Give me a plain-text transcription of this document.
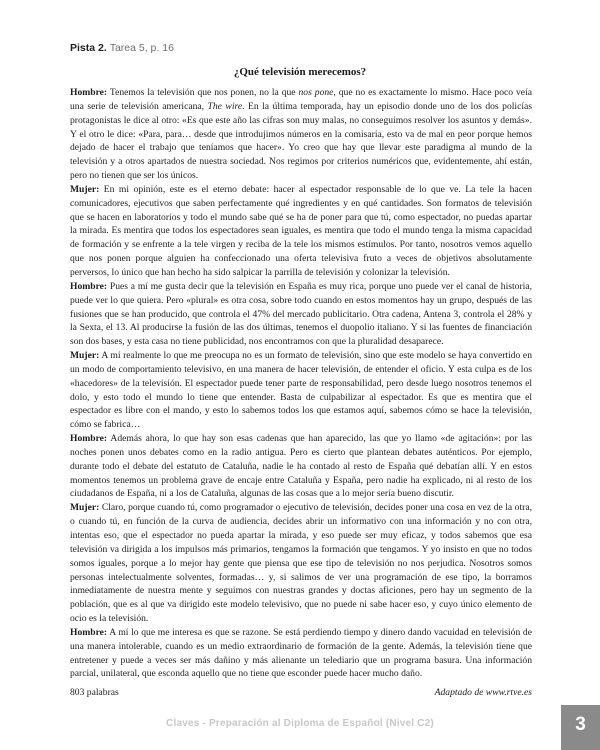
Pista 2. Tarea 5, p. 16
¿Qué televisión merecemos?

Hombre: Tenemos la televisión que nos ponen, no la que nos pone, que no es exactamente lo mismo. Hace poco veía una serie de televisión americana, The wire. En la última temporada, hay un episodio donde uno de los dos policías protagonistas le dice al otro: «Es que este año las cifras son muy malas, no conseguimos resolver los asuntos y demás». Y el otro le dice: «Para, para… desde que introdujimos números en la comisaría, esto va de mal en peor porque hemos dejado de hacer el trabajo que teníamos que hacer». Yo creo que hay que llevar este paradigma al mundo de la televisión y a otros apartados de nuestra sociedad. Nos regimos por criterios numéricos que, evidentemente, ahí están, pero no tienen que ser los únicos.

Mujer: En mi opinión, este es el eterno debate: hacer al espectador responsable de lo que ve. La tele la hacen comunicadores, ejecutivos que saben perfectamente qué ingredientes y en qué cantidades. Son formatos de televisión que se hacen en laboratorios y todo el mundo sabe qué se ha de poner para que tú, como espectador, no puedas apartar la mirada. Es mentira que todos los espectadores sean iguales, es mentira que todo el mundo tenga la misma capacidad de formación y se enfrente a la tele virgen y reciba de la tele los mismos estímulos. Por tanto, nosotros vemos aquello que nos ponen porque alguien ha confeccionado una oferta televisiva fruto a veces de objetivos absolutamente perversos, lo único que han hecho ha sido salpicar la parrilla de televisión y colonizar la televisión.

Hombre: Pues a mí me gusta decir que la televisión en España es muy rica, porque uno puede ver el canal de historia, puede ver lo que quiera. Pero «plural» es otra cosa, sobre todo cuando en estos momentos hay un grupo, después de las fusiones que se han producido, que controla el 47% del mercado publicitario. Otra cadena, Antena 3, controla el 28% y la Sexta, el 13. Al producirse la fusión de las dos últimas, tenemos el duopolio italiano. Y si las fuentes de financiación son dos bases, y esta casa no tiene publicidad, nos encontramos con que la pluralidad desaparece.

Mujer: A mí realmente lo que me preocupa no es un formato de televisión, sino que este modelo se haya convertido en un modo de comportamiento televisivo, en una manera de hacer televisión, de entender el oficio. Y esta culpa es de los «hacedores» de la televisión. El espectador puede tener parte de responsabilidad, pero desde luego nosotros tenemos el dolo, y esto todo el mundo lo tiene que entender. Basta de culpabilizar al espectador. Es que es mentira que el espectador es libre con el mando, y esto lo sabemos todos los que estamos aquí, sabemos cómo se hace la televisión, cómo se fabrica…

Hombre: Además ahora, lo que hay son esas cadenas que han aparecido, las que yo llamo «de agitación»: por las noches ponen unos debates como en la radio antigua. Pero es cierto que plantean debates auténticos. Por ejemplo, durante todo el debate del estatuto de Cataluña, nadie le ha contado al resto de España qué debatían allí. Y en estos momentos tenemos un problema grave de encaje entre Cataluña y España, pero nadie ha explicado, ni al resto de los ciudadanos de España, ni a los de Cataluña, algunas de las cosas que a lo mejor sería bueno discutir.

Mujer: Claro, porque cuando tú, como programador o ejecutivo de televisión, decides poner una cosa en vez de la otra, o cuando tú, en función de la curva de audiencia, decides abrir un informativo con una información y no con otra, intentas eso, que el espectador no pueda apartar la mirada, y eso puede ser muy eficaz, y todos sabemos que esa televisión va dirigida a los impulsos más primarios, tengamos la formación que tengamos. Y yo insisto en que no todos somos iguales, porque a lo mejor hay gente que piensa que ese tipo de televisión no nos perjudica. Nosotros somos personas intelectualmente solventes, formadas… y, si salimos de ver una programación de ese tipo, la borramos inmediatamente de nuestra mente y seguimos con nuestras grandes y doctas aficiones, pero hay un segmento de la población, que es al que va dirigido este modelo televisivo, que no puede ni sabe hacer eso, y cuyo único elemento de ocio es la televisión.

Hombre: A mí lo que me interesa es que se razone. Se está perdiendo tiempo y dinero dando vacuidad en televisión de una manera intolerable, cuando es un medio extraordinario de formación de la gente. Además, la televisión tiene que entretener y puede a veces ser más dañino y más alienante un telediario que un programa basura. Una información parcial, unilateral, que esconda aquello que no tiene que esconder puede hacer mucho daño.

803 palabras	Adaptado de www.rtve.es
Claves - Preparación al Diploma de Español (Nivel C2)	3
